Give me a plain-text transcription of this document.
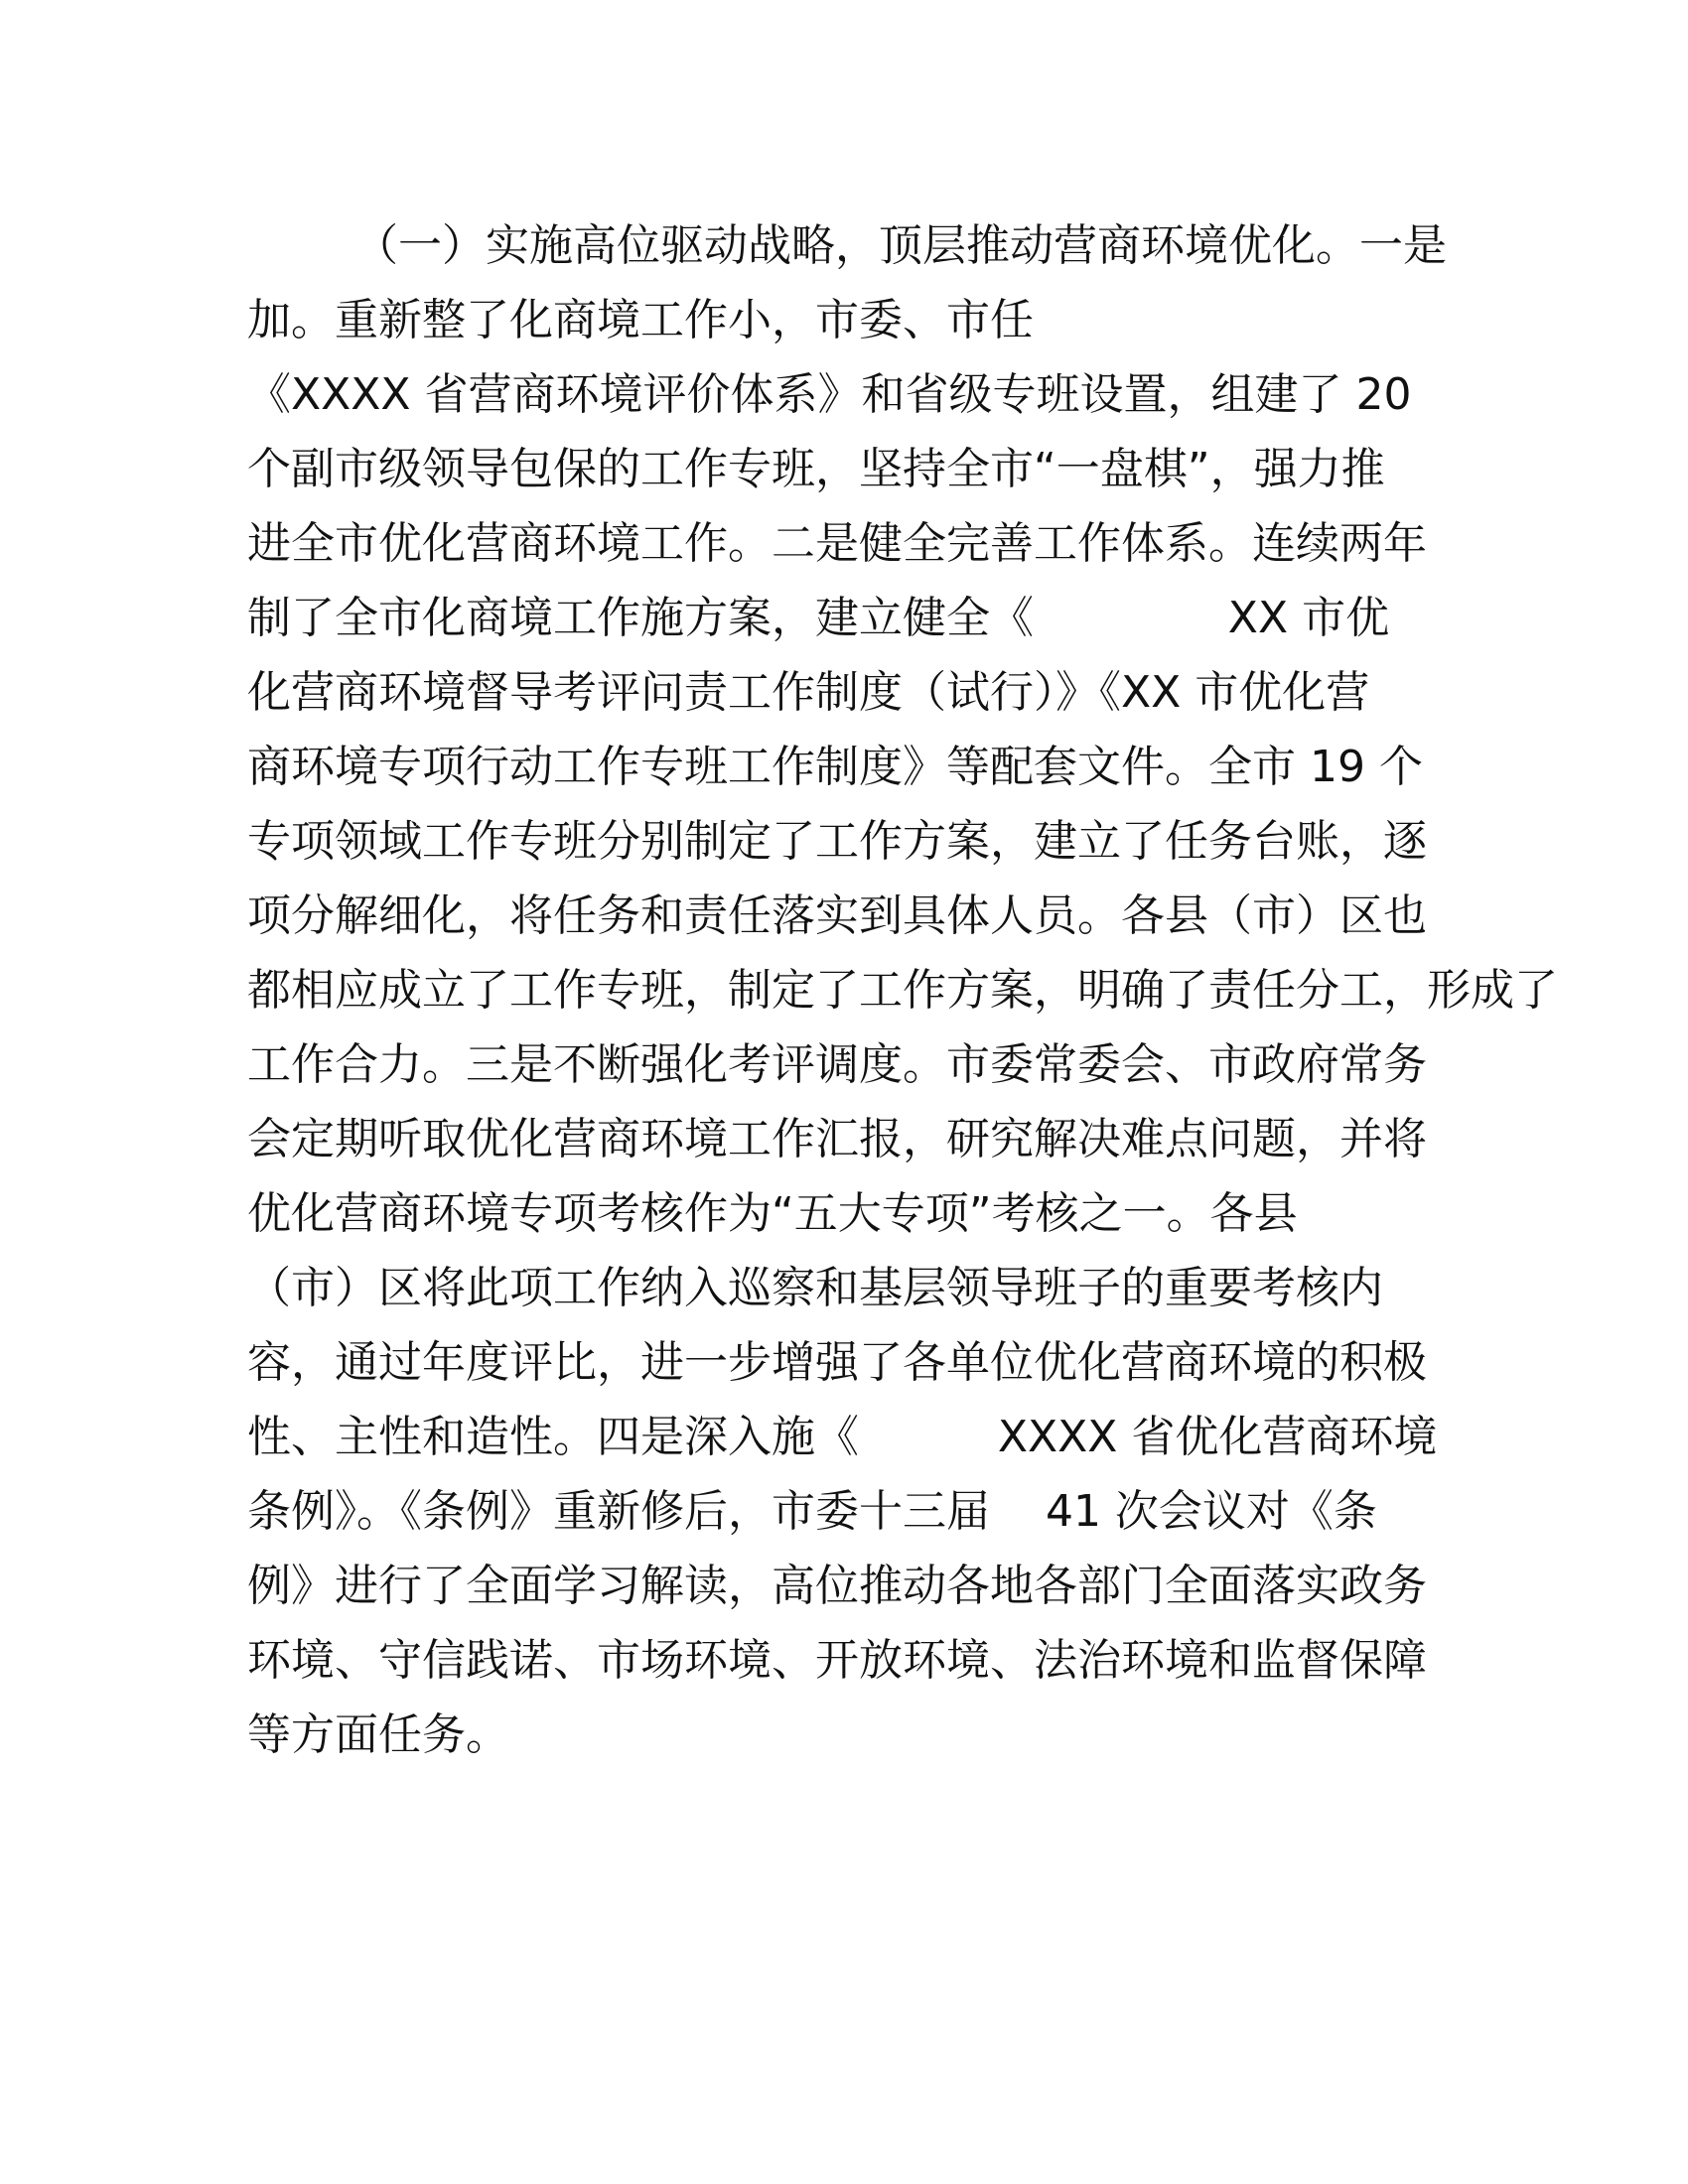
（一）实施高位驱动战略，顶层推动营商环境优化。一是
加。重新整了化商境工作小，市委、市任
《XXXX 省营商环境评价体系》和省级专班设置，组建了 20
个副市级领导包保的工作专班，坚持全市“一盘棋”，强力推
进全市优化营商环境工作。二是健全完善工作体系。连续两年
制了全市化商境工作施方案，建立健全《              XX 市优
化营商环境督导考评问责工作制度（试行）》《XX 市优化营
商环境专项行动工作专班工作制度》等配套文件。全市 19 个
专项领域工作专班分别制定了工作方案，建立了任务台账，逐
项分解细化，将任务和责任落实到具体人员。各县（市）区也
都相应成立了工作专班，制定了工作方案，明确了责任分工，形成了
工作合力。三是不断强化考评调度。市委常委会、市政府常务
会定期听取优化营商环境工作汇报，研究解决难点问题，并将
优化营商环境专项考核作为“五大专项”考核之一。各县
（市）区将此项工作纳入巡察和基层领导班子的重要考核内
容，通过年度评比，进一步增强了各单位优化营商环境的积极
性、主性和造性。四是深入施《          XXXX 省优化营商环境
条例》。《条例》重新修后，市委十三届    41 次会议对《条
例》进行了全面学习解读，高位推动各地各部门全面落实政务
环境、守信践诺、市场环境、开放环境、法治环境和监督保障
等方面任务。
